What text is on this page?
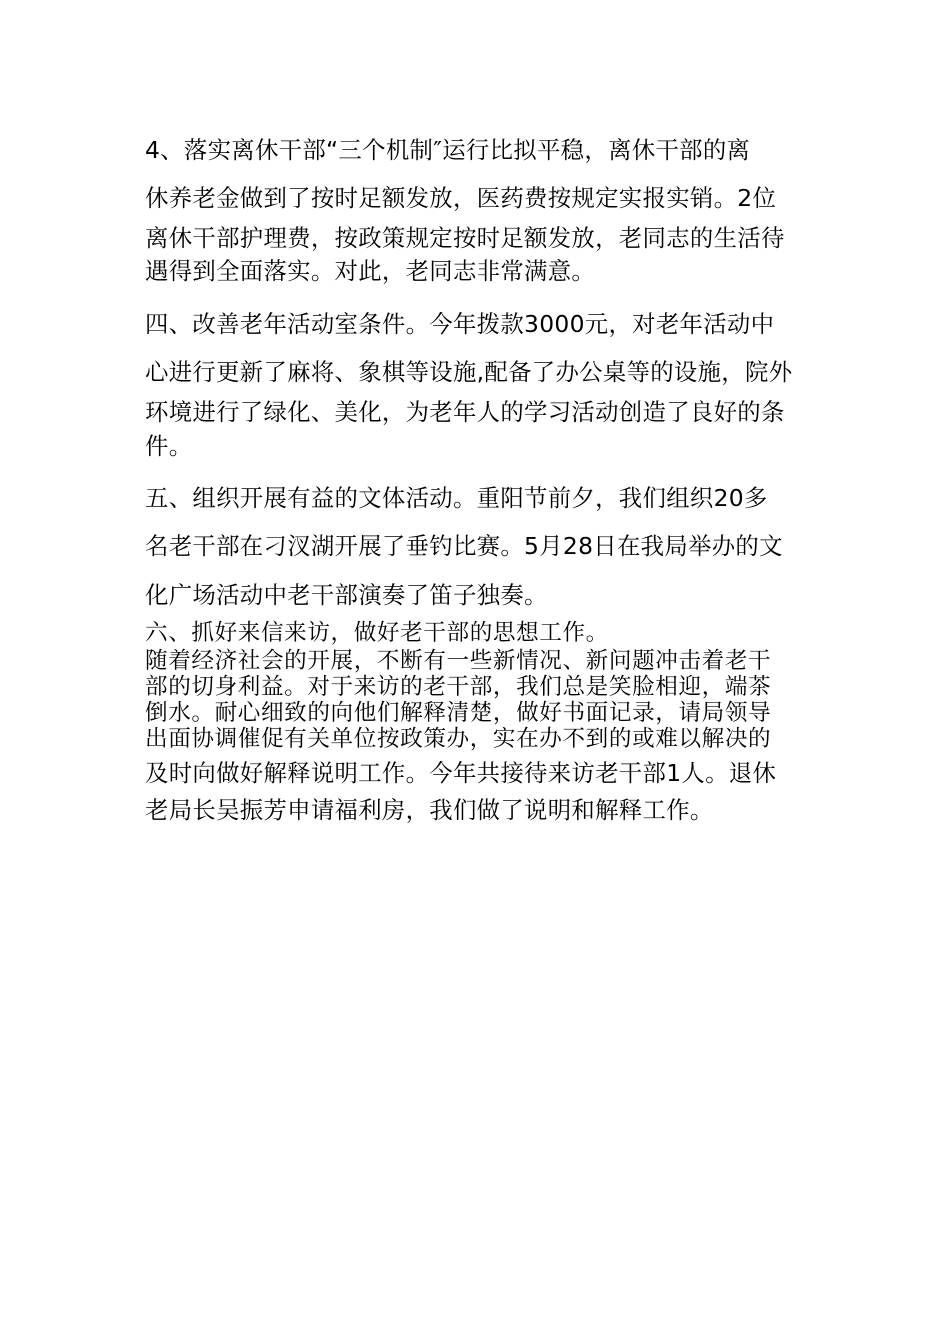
4、落实离休干部“三个机制″运行比拟平稳，离休干部的离
休养老金做到了按时足额发放，医药费按规定实报实销。2位
离休干部护理费，按政策规定按时足额发放，老同志的生活待
遇得到全面落实。对此，老同志非常满意。
四、改善老年活动室条件。今年拨款3000元，对老年活动中
心进行更新了麻将、象棋等设施,配备了办公桌等的设施，院外
环境进行了绿化、美化，为老年人的学习活动创造了良好的条
件。
五、组织开展有益的文体活动。重阳节前夕，我们组织20多
名老干部在刁汊湖开展了垂钓比赛。5月28日在我局举办的文
化广场活动中老干部演奏了笛子独奏。
六、抓好来信来访，做好老干部的思想工作。
随着经济社会的开展，不断有一些新情况、新问题冲击着老干
部的切身利益。对于来访的老干部，我们总是笑脸相迎，端茶
倒水。耐心细致的向他们解释清楚，做好书面记录，请局领导
出面协调催促有关单位按政策办，实在办不到的或难以解决的
及时向做好解释说明工作。今年共接待来访老干部1人。退休
老局长吴振芳申请福利房，我们做了说明和解释工作。
